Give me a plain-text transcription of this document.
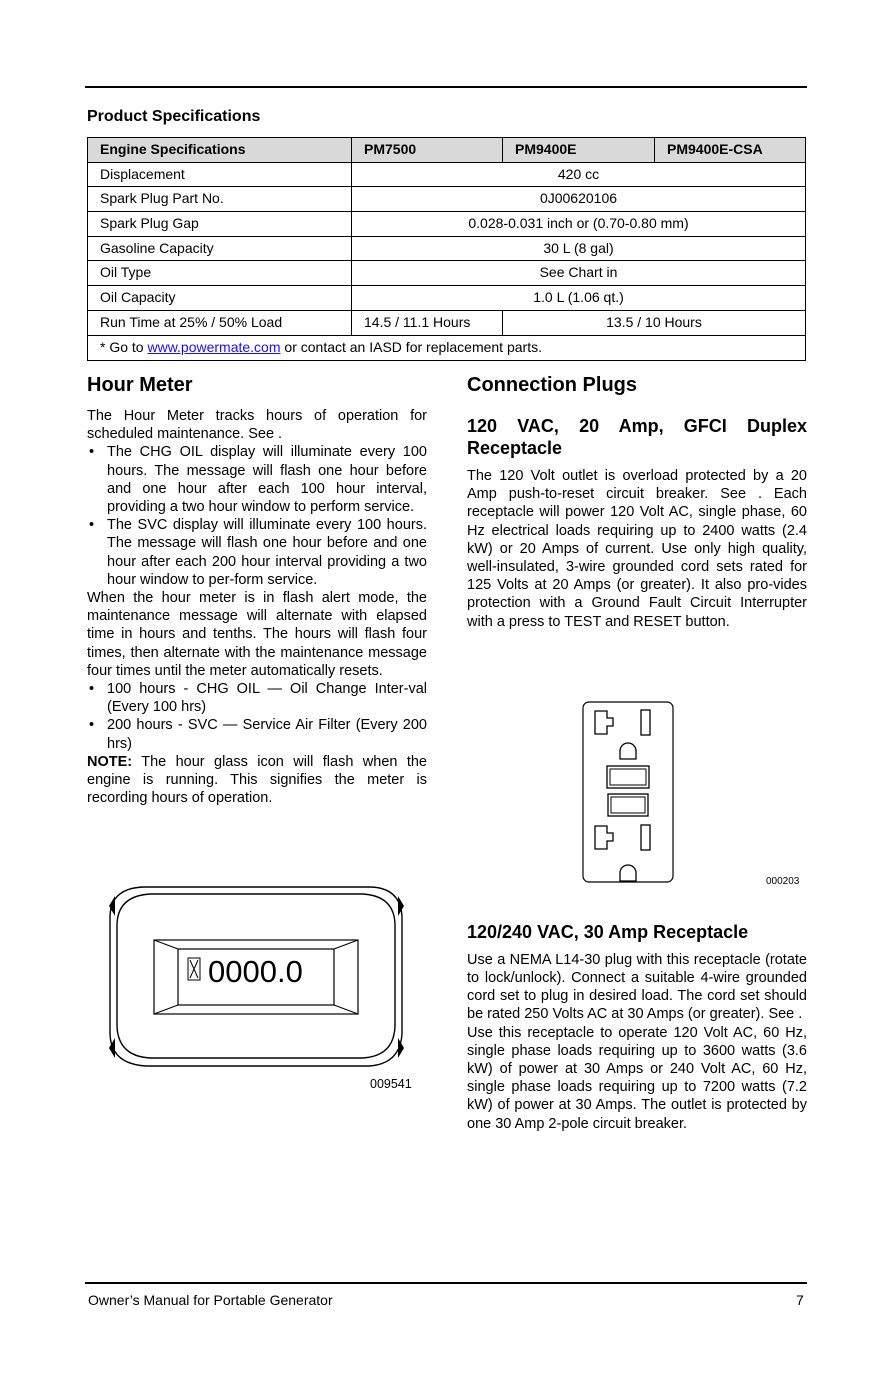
Product Specifications
Engine Specifications	PM7500	PM9400E	PM9400E-CSA
Displacement	420 cc
Spark Plug Part No.	0J00620106
Spark Plug Gap	0.028-0.031 inch or (0.70-0.80 mm)
Gasoline Capacity	30 L (8 gal)
Oil Type	See Chart in
Oil Capacity	1.0 L (1.06 qt.)
Run Time at 25% / 50% Load	14.5 / 11.1 Hours	13.5 / 10 Hours
* Go to www.powermate.com or contact an IASD for replacement parts.
Hour Meter

The Hour Meter tracks hours of operation for scheduled maintenance. See .

• The CHG OIL display will illuminate every 100 hours. The message will flash one hour before and one hour after each 100 hour interval, providing a two hour window to perform service.
• The SVC display will illuminate every 100 hours. The message will flash one hour before and one hour after each 200 hour interval providing a two hour window to per-form service.

When the hour meter is in flash alert mode, the maintenance message will alternate with elapsed time in hours and tenths. The hours will flash four times, then alternate with the maintenance message four times until the meter automatically resets.

• 100 hours - CHG OIL — Oil Change Inter-val (Every 100 hrs)
• 200 hours - SVC — Service Air Filter (Every 200 hrs)

NOTE: The hour glass icon will flash when the engine is running. This signifies the meter is recording hours of operation.

0000.0
009541
Connection Plugs
120 VAC, 20 Amp, GFCI Duplex Receptacle

The 120 Volt outlet is overload protected by a 20 Amp push-to-reset circuit breaker. See . Each receptacle will power 120 Volt AC, single phase, 60 Hz electrical loads requiring up to 2400 watts (2.4 kW) or 20 Amps of current. Use only high quality, well-insulated, 3-wire grounded cord sets rated for 125 Volts at 20 Amps (or greater). It also pro-vides protection with a Ground Fault Circuit Interrupter with a press to TEST and RESET button.

120/240 VAC, 30 Amp Receptacle

Use a NEMA L14-30 plug with this receptacle (rotate to lock/unlock). Connect a suitable 4-wire grounded cord set to plug in desired load. The cord set should be rated 250 Volts AC at 30 Amps (or greater). See .

Use this receptacle to operate 120 Volt AC, 60 Hz, single phase loads requiring up to 3600 watts (3.6 kW) of power at 30 Amps or 240 Volt AC, 60 Hz, single phase loads requiring up to 7200 watts (7.2 kW) of power at 30 Amps. The outlet is protected by one 30 Amp 2-pole circuit breaker.

000203
Owner’s Manual for Portable Generator	7
